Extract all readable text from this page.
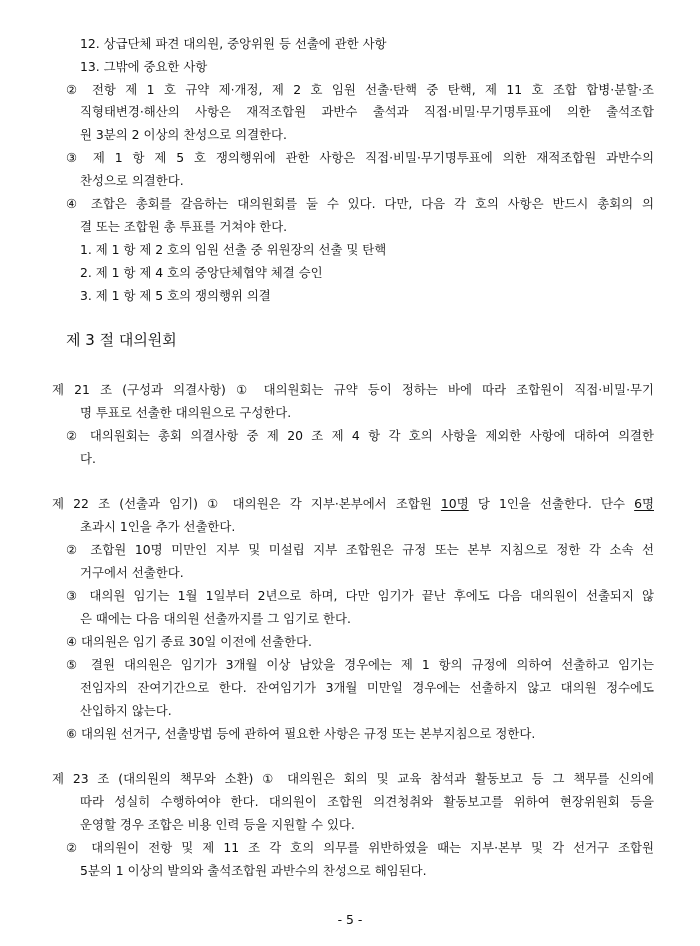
12. 상급단체 파견 대의원, 중앙위원 등 선출에 관한 사항
13. 그밖에 중요한 사항
② 전항 제 1 호 규약 제·개정, 제 2 호 임원 선출·탄핵 중 탄핵, 제 11 호 조합 합병·분할·조
직형태변경·해산의 사항은 재적조합원 과반수 출석과 직접·비밀·무기명투표에 의한 출석조합
원 3분의 2 이상의 찬성으로 의결한다.
③ 제 1 항 제 5 호 쟁의행위에 관한 사항은 직접·비밀·무기명투표에 의한 재적조합원 과반수의
찬성으로 의결한다.
④ 조합은 총회를 갈음하는 대의원회를 둘 수 있다. 다만, 다음 각 호의 사항은 반드시 총회의 의
결 또는 조합원 총 투표를 거쳐야 한다.
1. 제 1 항 제 2 호의 임원 선출 중 위원장의 선출 및 탄핵
2. 제 1 항 제 4 호의 중앙단체협약 체결 승인
3. 제 1 항 제 5 호의 쟁의행위 의결
제 3 절 대의원회
제 21 조 (구성과 의결사항) ① 대의원회는 규약 등이 정하는 바에 따라 조합원이 직접·비밀·무기
명 투표로 선출한 대의원으로 구성한다.
② 대의원회는 총회 의결사항 중 제 20 조 제 4 항 각 호의 사항을 제외한 사항에 대하여 의결한
다.
제 22 조 (선출과 임기) ① 대의원은 각 지부·본부에서 조합원 10명 당 1인을 선출한다. 단수 6명
초과시 1인을 추가 선출한다.
② 조합원 10명 미만인 지부 및 미설립 지부 조합원은 규정 또는 본부 지침으로 정한 각 소속 선
거구에서 선출한다.
③ 대의원 임기는 1월 1일부터 2년으로 하며, 다만 임기가 끝난 후에도 다음 대의원이 선출되지 않
은 때에는 다음 대의원 선출까지를 그 임기로 한다.
④ 대의원은 임기 종료 30일 이전에 선출한다.
⑤ 결원 대의원은 임기가 3개월 이상 남았을 경우에는 제 1 항의 규정에 의하여 선출하고 임기는
전임자의 잔여기간으로 한다. 잔여임기가 3개월 미만일 경우에는 선출하지 않고 대의원 정수에도
산입하지 않는다.
⑥ 대의원 선거구, 선출방법 등에 관하여 필요한 사항은 규정 또는 본부지침으로 정한다.
제 23 조 (대의원의 책무와 소환) ① 대의원은 회의 및 교육 참석과 활동보고 등 그 책무를 신의에
따라 성실히 수행하여야 한다. 대의원이 조합원 의견청취와 활동보고를 위하여 현장위원회 등을
운영할 경우 조합은 비용 인력 등을 지원할 수 있다.
② 대의원이 전항 및 제 11 조 각 호의 의무를 위반하였을 때는 지부·본부 및 각 선거구 조합원
5분의 1 이상의 발의와 출석조합원 과반수의 찬성으로 해임된다.
- 5 -
